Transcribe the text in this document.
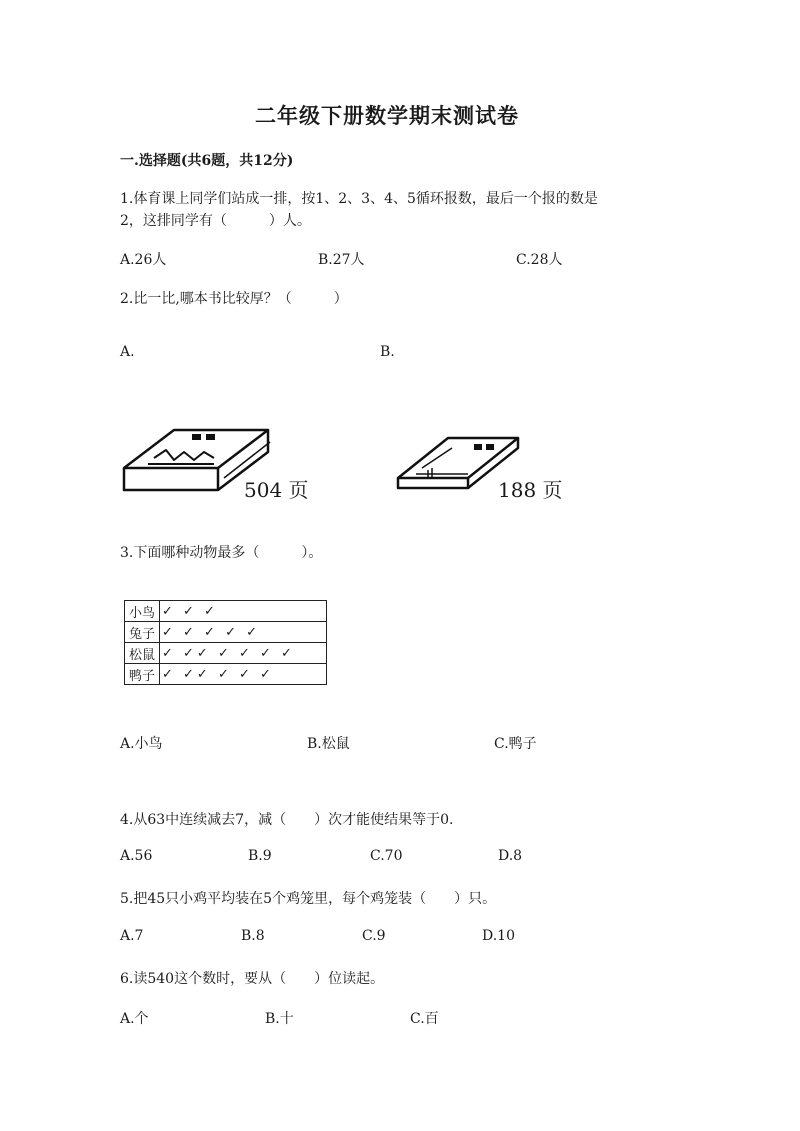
二年级下册数学期末测试卷
一.选择题(共6题，共12分)
1.体育课上同学们站成一排，按1、2、3、4、5循环报数，最后一个报的数是
2，这排同学有（　　　）人。
A.26人	B.27人	C.28人
2.比一比,哪本书比较厚？（　　　）
A.	B.
504 页	188 页
3.下面哪种动物最多（　　　）。
小鸟	✓ ✓ ✓
兔子	✓ ✓ ✓ ✓ ✓
松鼠	✓ ✓✓ ✓ ✓ ✓ ✓
鸭子	✓ ✓✓ ✓ ✓ ✓
A.小鸟	B.松鼠	C.鸭子
4.从63中连续减去7，减（　　）次才能使结果等于0.
A.56	B.9	C.70	D.8
5.把45只小鸡平均装在5个鸡笼里，每个鸡笼装（　　）只。
A.7	B.8	C.9	D.10
6.读540这个数时，要从（　　）位读起。
A.个	B.十	C.百
